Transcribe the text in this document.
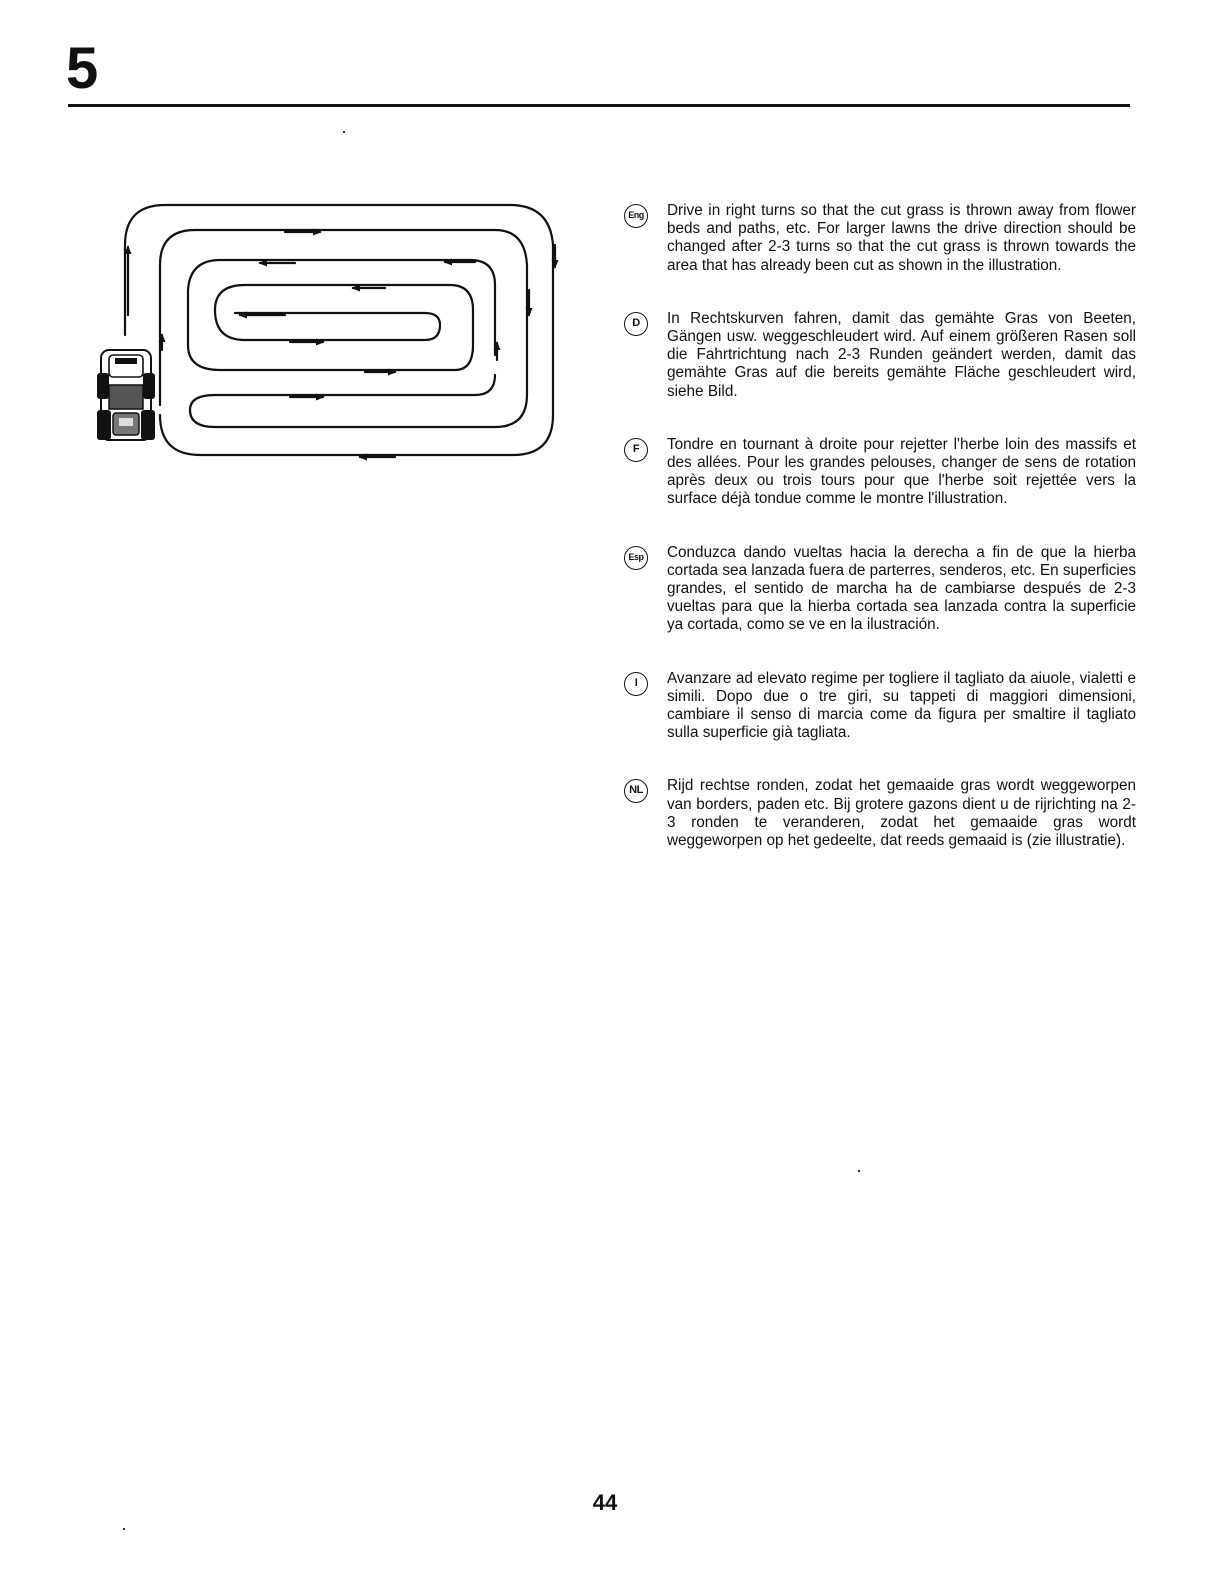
5
Eng Drive in right turns so that the cut grass is thrown away from flower beds and paths, etc. For larger lawns the drive direction should be changed after 2-3 turns so that the cut grass is thrown towards the area that has already been cut as shown in the illustration.
D	In Rechtskurven fahren, damit das gemähte Gras von Beeten, Gängen usw. weggeschleudert wird. Auf einem größeren Rasen soll die Fahrtrichtung nach 2-3 Runden geändert werden, damit das gemähte Gras auf die bereits gemähte Fläche geschleudert wird, siehe Bild.
F	Tondre en tournant à droite pour rejetter l'herbe loin des massifs et des allées. Pour les grandes pelouses, changer de sens de rotation après deux ou trois tours pour que l'herbe soit rejettée vers la surface déjà tondue comme le montre l'illustration.
Esp Conduzca dando vueltas hacia la derecha a fin de que la hierba cortada sea lanzada fuera de parterres, senderos, etc. En superficies grandes, el sentido de marcha ha de cambiarse después de 2-3 vueltas para que la hierba cortada sea lanzada contra la superficie ya cortada, como se ve en la ilustración.
I	Avanzare ad elevato regime per togliere il tagliato da aiuole, vialetti e simili. Dopo due o tre giri, su tappeti di maggiori dimensioni, cambiare il senso di marcia come da figura per smaltire il tagliato sulla superficie già tagliata.
NL	Rijd rechtse ronden, zodat het gemaaide gras wordt weggeworpen van borders, paden etc. Bij grotere gazons dient u de rijrichting na 2-3 ronden te veranderen, zodat het gemaaide gras wordt weggeworpen op het gedeelte, dat reeds gemaaid is (zie illustratie).
44
